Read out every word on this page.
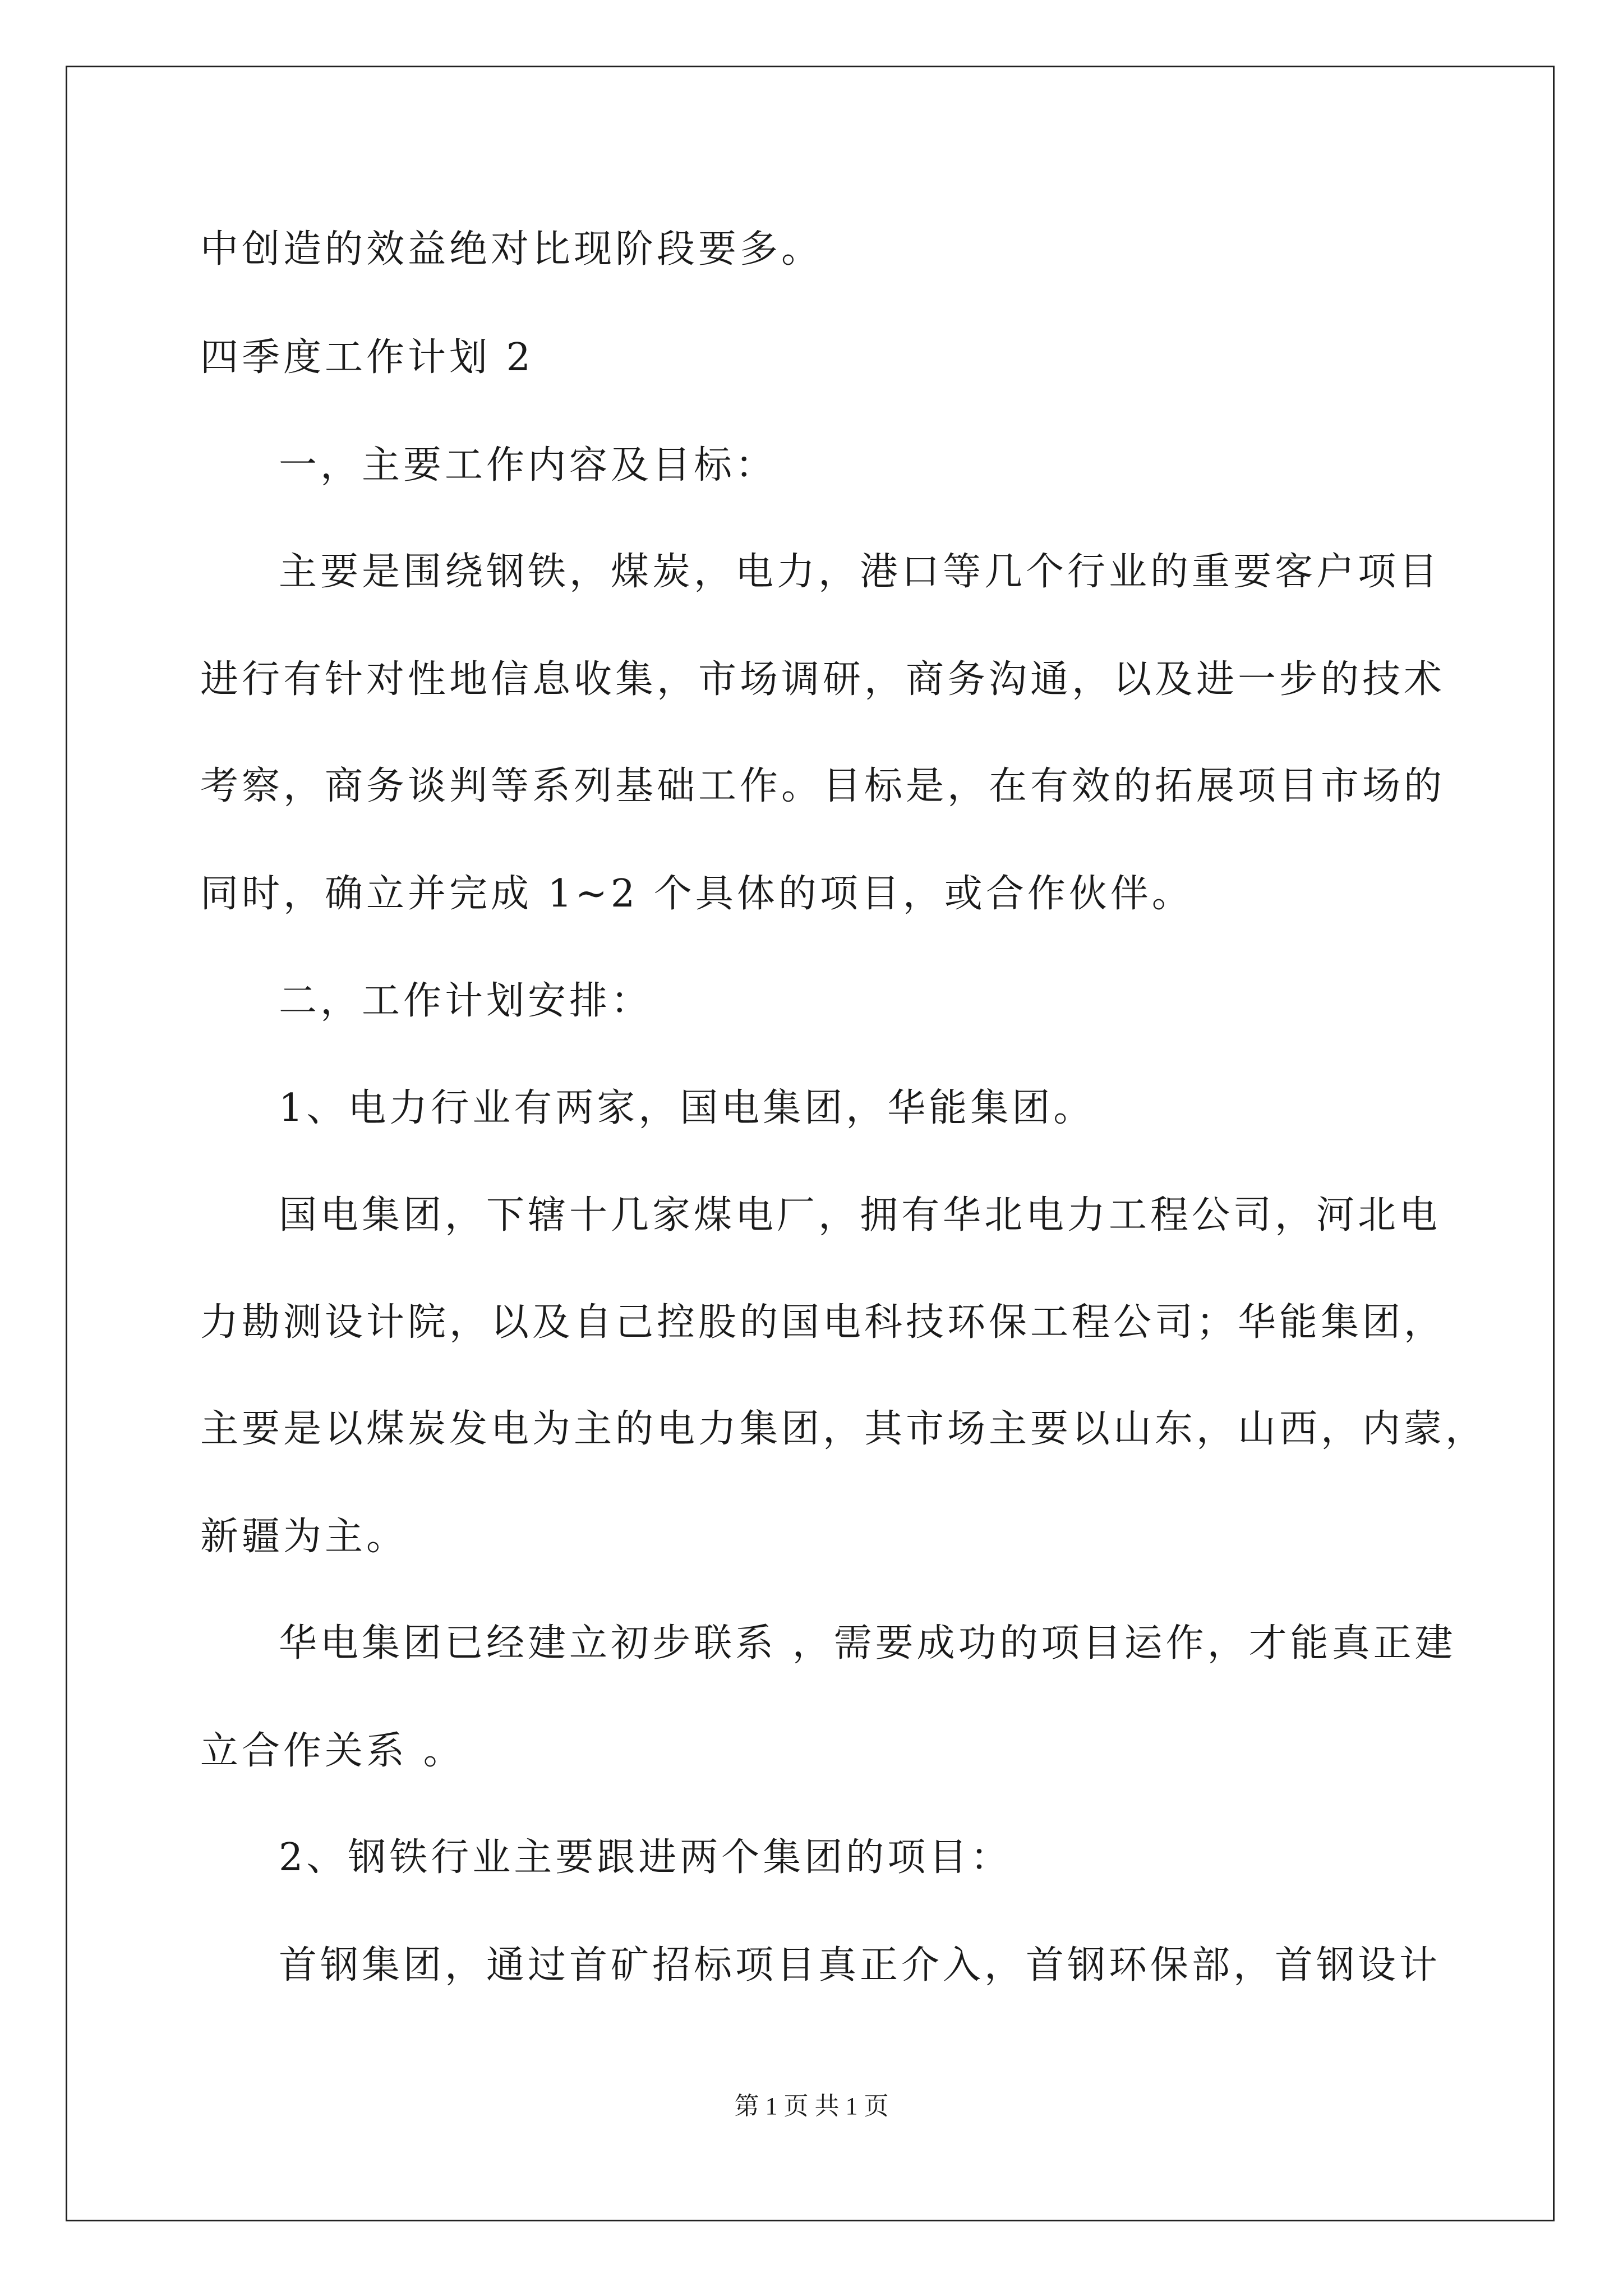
中创造的效益绝对比现阶段要多。
四季度工作计划 2
一，主要工作内容及目标：
主要是围绕钢铁，煤炭，电力，港口等几个行业的重要客户项目
进行有针对性地信息收集，市场调研，商务沟通，以及进一步的技术
考察，商务谈判等系列基础工作。目标是，在有效的拓展项目市场的
同时，确立并完成 1~2 个具体的项目，或合作伙伴。
二，工作计划安排：
1、电力行业有两家，国电集团，华能集团。
国电集团，下辖十几家煤电厂，拥有华北电力工程公司，河北电
力勘测设计院，以及自己控股的国电科技环保工程公司；华能集团，
主要是以煤炭发电为主的电力集团，其市场主要以山东，山西，内蒙，
新疆为主。
华电集团已经建立初步联系 ，需要成功的项目运作，才能真正建
立合作关系 。
2、钢铁行业主要跟进两个集团的项目：
首钢集团，通过首矿招标项目真正介入，首钢环保部，首钢设计
第 1 页 共 1 页
